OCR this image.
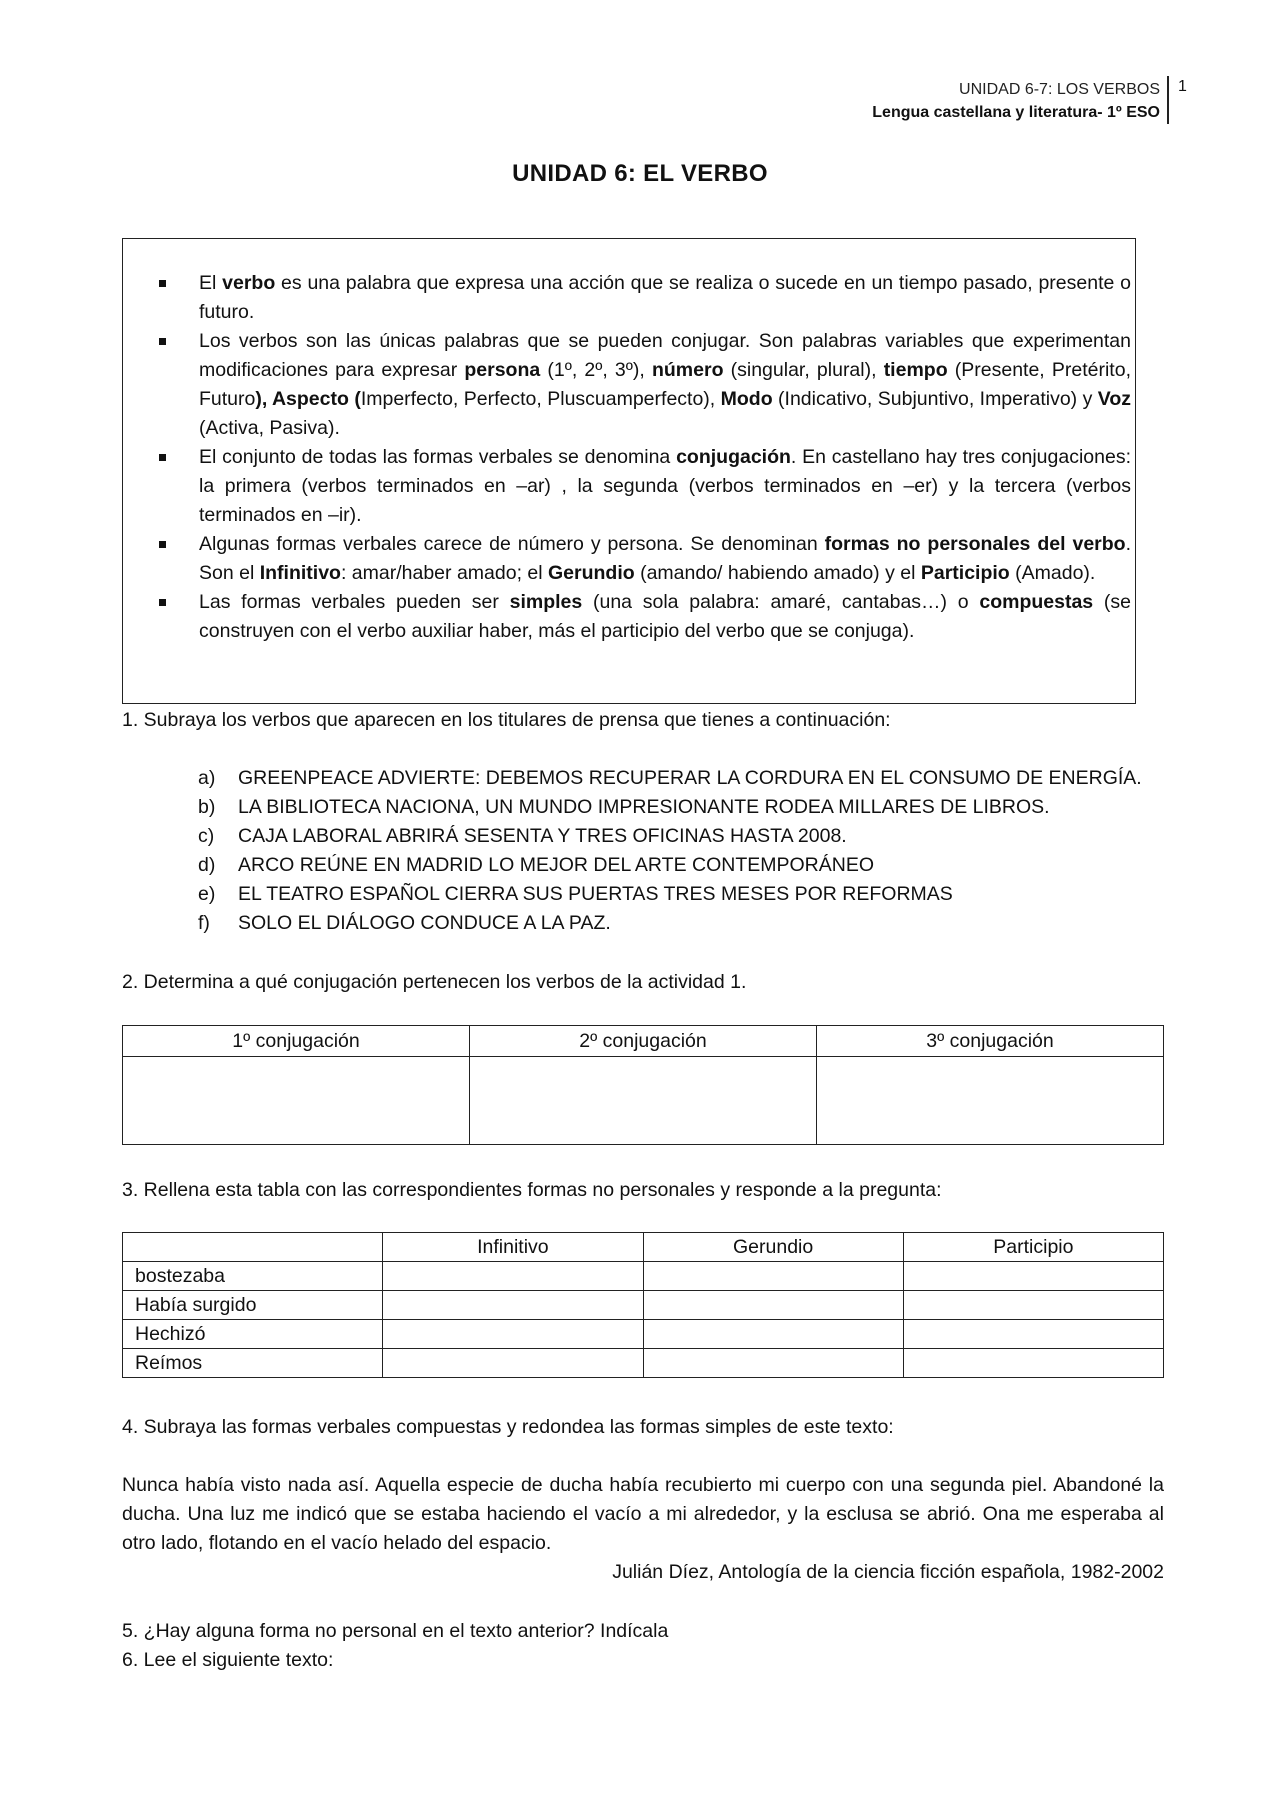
UNIDAD 6-7: LOS VERBOS
Lengua castellana y literatura- 1º ESO
1
UNIDAD 6: EL VERBO
El verbo es una palabra que expresa una acción que se realiza o sucede en un tiempo pasado, presente o futuro.
Los verbos son las únicas palabras que se pueden conjugar. Son palabras variables que experimentan modificaciones para expresar persona (1º, 2º, 3º), número (singular, plural), tiempo (Presente, Pretérito, Futuro), Aspecto (Imperfecto, Perfecto, Pluscuamperfecto), Modo (Indicativo, Subjuntivo, Imperativo) y Voz (Activa, Pasiva).
El conjunto de todas las formas verbales se denomina conjugación. En castellano hay tres conjugaciones: la primera (verbos terminados en –ar) , la segunda (verbos terminados en –er) y la tercera (verbos terminados en –ir).
Algunas formas verbales carece de número y persona. Se denominan formas no personales del verbo. Son el Infinitivo: amar/haber amado; el Gerundio (amando/ habiendo amado) y el Participio (Amado).
Las formas verbales pueden ser simples (una sola palabra: amaré, cantabas…) o compuestas (se construyen con el verbo auxiliar haber, más el participio del verbo que se conjuga).
1. Subraya los verbos que aparecen en los titulares de prensa que tienes a continuación:
a)	GREENPEACE ADVIERTE: DEBEMOS RECUPERAR LA CORDURA EN EL CONSUMO DE ENERGÍA.
b)	LA BIBLIOTECA NACIONA, UN MUNDO IMPRESIONANTE RODEA MILLARES DE LIBROS.
c)	CAJA LABORAL ABRIRÁ SESENTA Y TRES OFICINAS HASTA 2008.
d)	ARCO REÚNE EN MADRID LO MEJOR DEL ARTE CONTEMPORÁNEO
e)	EL TEATRO ESPAÑOL CIERRA SUS PUERTAS TRES MESES POR REFORMAS
f)	SOLO EL DIÁLOGO CONDUCE A LA PAZ.
2. Determina a qué conjugación pertenecen los verbos de la actividad 1.
1º conjugación	2º conjugación	3º conjugación

3. Rellena esta tabla con las correspondientes formas no personales y responde a la pregunta:
	Infinitivo	Gerundio	Participio
bostezaba			
Había surgido			
Hechizó			
Reímos			
4. Subraya las formas verbales compuestas y redondea las formas simples de este texto:
Nunca había visto nada así. Aquella especie de ducha había recubierto mi cuerpo con una segunda piel. Abandoné la ducha. Una luz me indicó que se estaba haciendo el vacío a mi alrededor, y la esclusa se abrió. Ona me esperaba al otro lado, flotando en el vacío helado del espacio.
Julián Díez, Antología de la ciencia ficción española, 1982-2002
5. ¿Hay alguna forma no personal en el texto anterior? Indícala
6. Lee el siguiente texto:
